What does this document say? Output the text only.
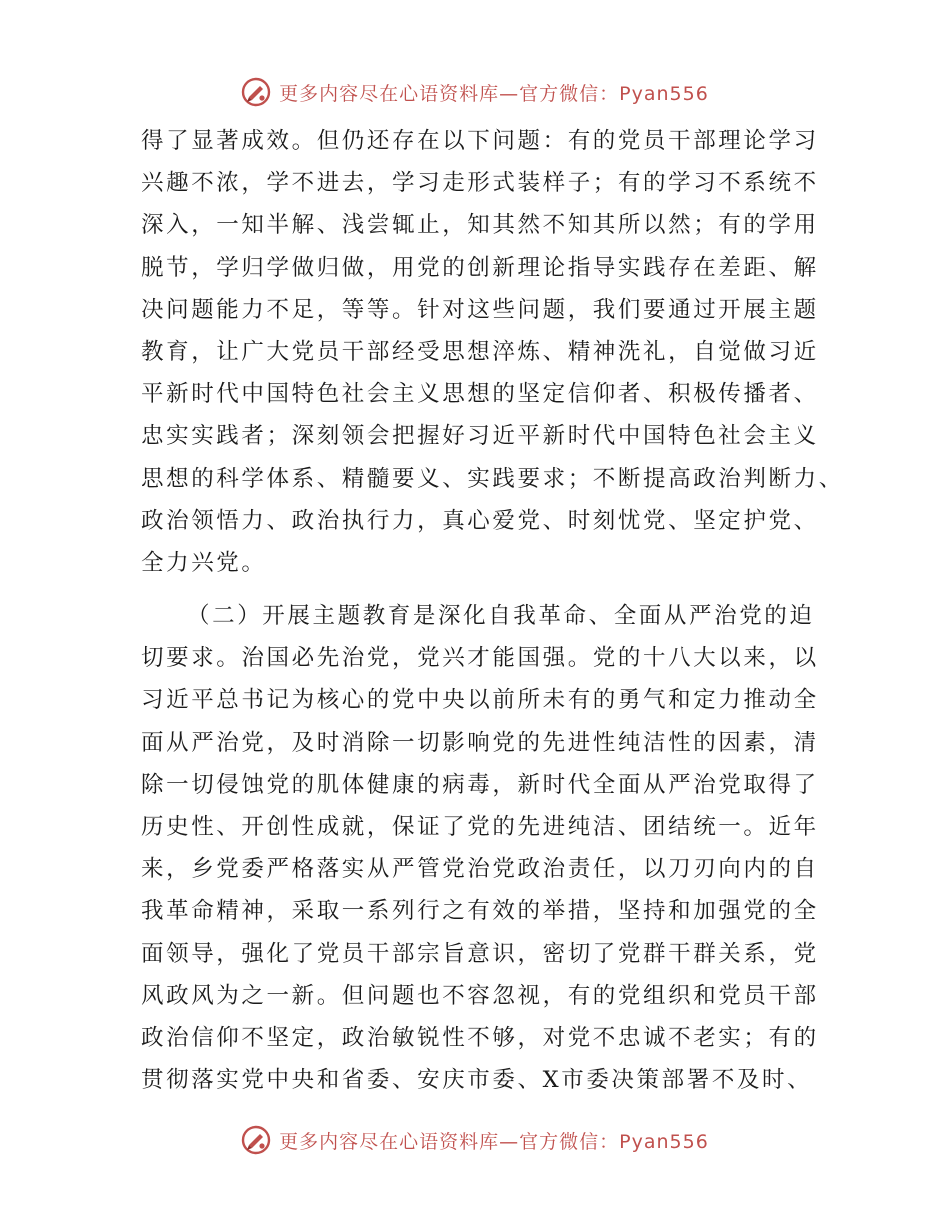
更多内容尽在心语资料库—官方微信：Pyan556
得了显著成效。但仍还存在以下问题：有的党员干部理论学习
兴趣不浓，学不进去，学习走形式装样子；有的学习不系统不
深入，一知半解、浅尝辄止，知其然不知其所以然；有的学用
脱节，学归学做归做，用党的创新理论指导实践存在差距、解
决问题能力不足，等等。针对这些问题，我们要通过开展主题
教育，让广大党员干部经受思想淬炼、精神洗礼，自觉做习近
平新时代中国特色社会主义思想的坚定信仰者、积极传播者、
忠实实践者；深刻领会把握好习近平新时代中国特色社会主义
思想的科学体系、精髓要义、实践要求；不断提高政治判断力、
政治领悟力、政治执行力，真心爱党、时刻忧党、坚定护党、
全力兴党。
（二）开展主题教育是深化自我革命、全面从严治党的迫
切要求。治国必先治党，党兴才能国强。党的十八大以来，以
习近平总书记为核心的党中央以前所未有的勇气和定力推动全
面从严治党，及时消除一切影响党的先进性纯洁性的因素，清
除一切侵蚀党的肌体健康的病毒，新时代全面从严治党取得了
历史性、开创性成就，保证了党的先进纯洁、团结统一。近年
来，乡党委严格落实从严管党治党政治责任，以刀刃向内的自
我革命精神，采取一系列行之有效的举措，坚持和加强党的全
面领导，强化了党员干部宗旨意识，密切了党群干群关系，党
风政风为之一新。但问题也不容忽视，有的党组织和党员干部
政治信仰不坚定，政治敏锐性不够，对党不忠诚不老实；有的
贯彻落实党中央和省委、安庆市委、X市委决策部署不及时、
更多内容尽在心语资料库—官方微信：Pyan556
